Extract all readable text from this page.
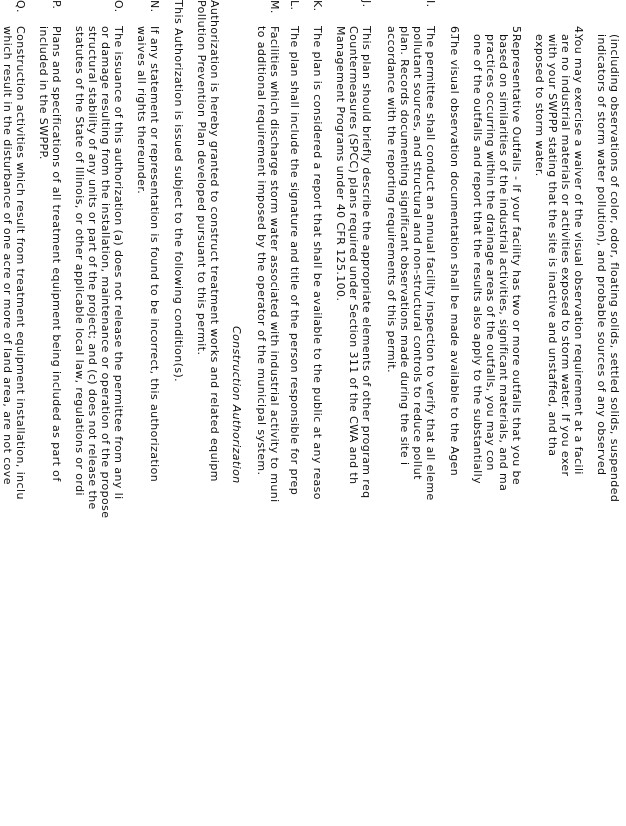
(including observations of color, odor, floating solids, settled solids, suspended
indicators of storm water pollution), and probable sources of any observed
4.
You may exercise a waiver of the visual observation requirement at a facili
are no industrial materials or activities exposed to storm water. If you exer
with your SWPPP stating that the site is inactive and unstaffed, and tha
exposed to storm water.
5.
Representative Outfalls - If your facility has two or more outfalls that you be
based on similarities of the industrial activities, significant materials, and ma
practices occurring within the drainage areas of the outfalls, you may con
one of the outfalls and report that the results also apply to the substantially
6.
The visual observation documentation shall be made available to the Agen
I.
The permittee shall conduct an annual facility inspection to verify that all eleme
pollutant sources, and structural and non-structural controls to reduce pollut
plan. Records documenting significant observations made during the site i
accordance with the reporting requirements of this permit.
J.
This plan should briefly describe the appropriate elements of other program req
Countermeasures (SPCC) plans required under Section 311 of the CWA and th
Management Programs under 40 CFR 125.100.
K.
The plan is considered a report that shall be available to the public at any reaso
L.
The plan shall include the signature and title of the person responsible for prep
M.
Facilities which discharge storm water associated with industrial activity to muni
to additional requirement imposed by the operator of the municipal system.
Construction Authorization
Authorization is hereby granted to construct treatment works and related equipm
Pollution Prevention Plan developed pursuant to this permit.
This Authorization is issued subject to the following condition(s).
N.
If any statement or representation is found to be incorrect, this authorization
waives all rights thereunder.
O.
The issuance of this authorization (a) does not release the permittee from any li
or damage resulting from the installation, maintenance or operation of the propose
structural stability of any units or part of the project; and (c) does not release the
statutes of the State of Illinois, or other applicable local law, regulations or ordi
P.
Plans and specifications of all treatment equipment being included as part of
included in the SWPPP.
Q.
Construction activities which result from treatment equipment installation, inclu
which result in the disturbance of one acre or more of land area, are not cove
